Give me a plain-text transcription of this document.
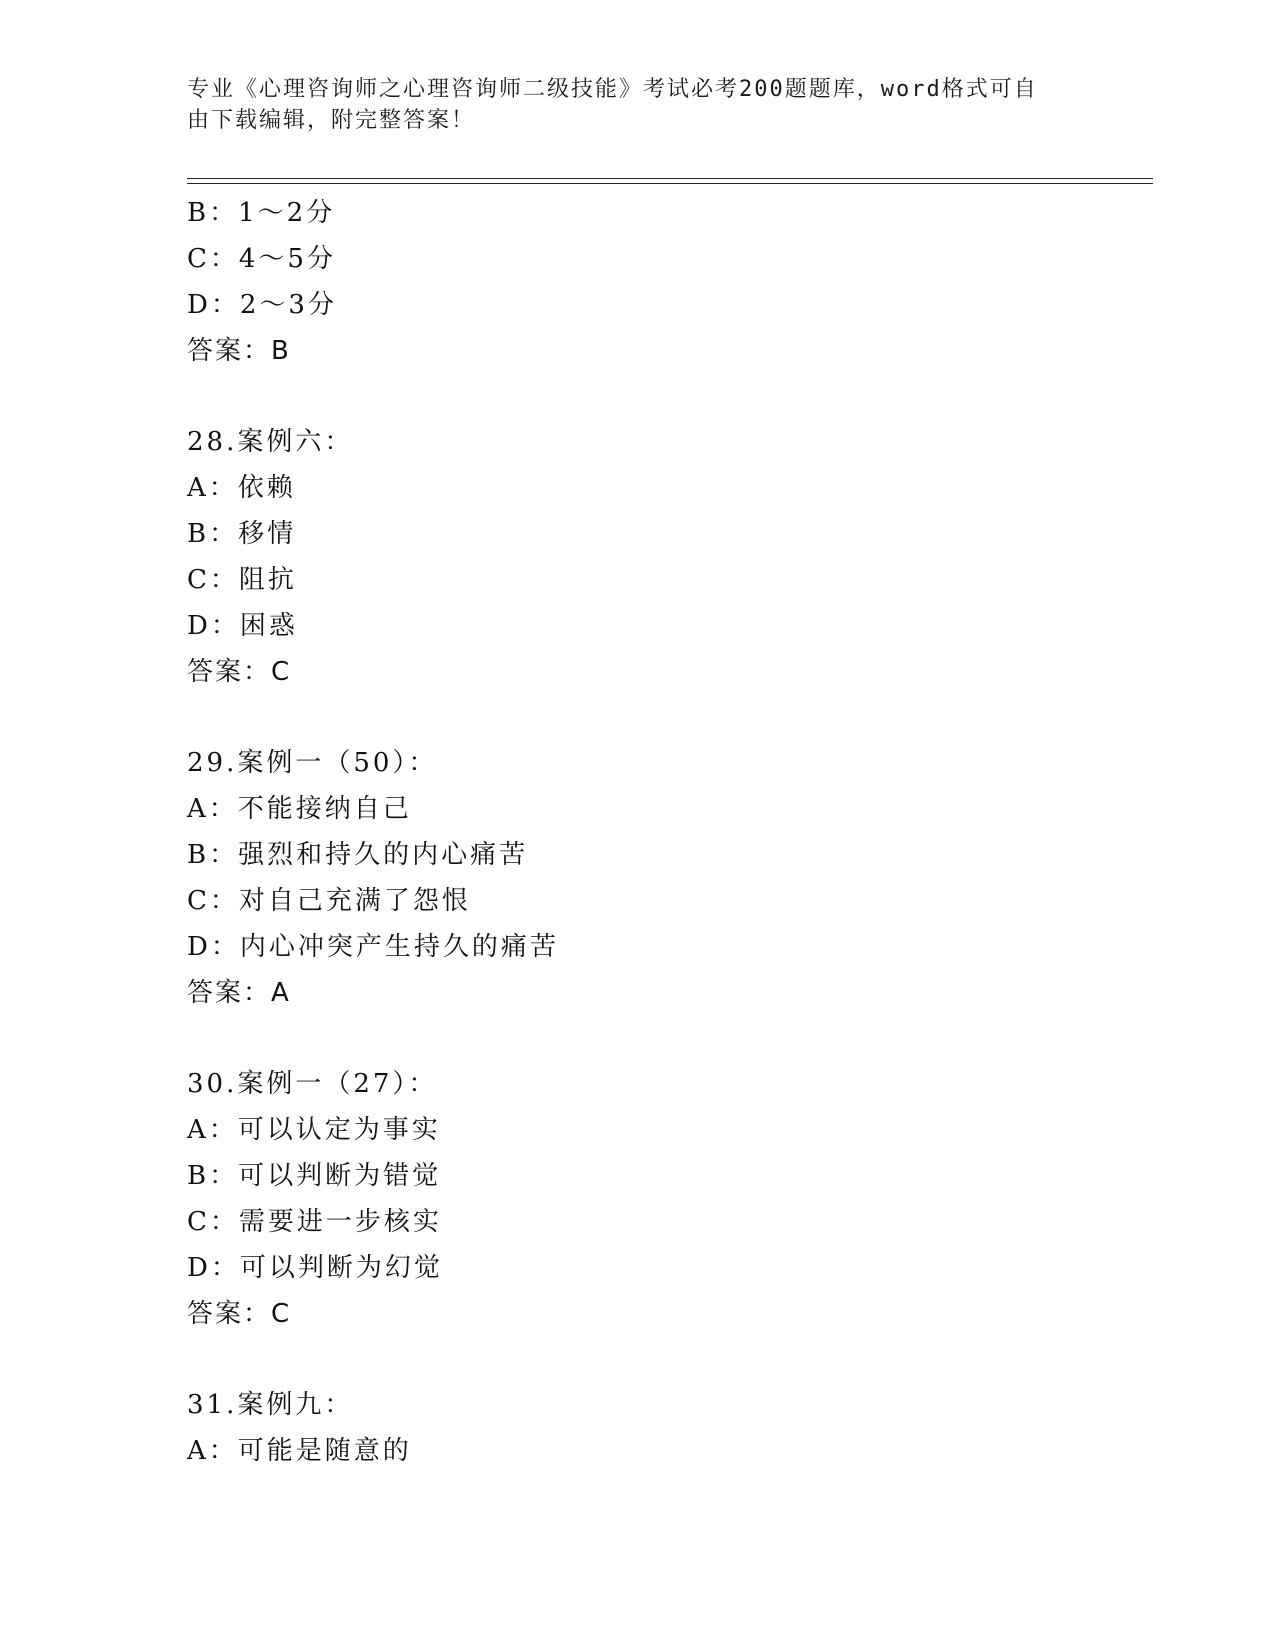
专业《心理咨询师之心理咨询师二级技能》考试必考200题题库，word格式可自
由下载编辑，附完整答案！
B：1～2分
C：4～5分
D：2～3分
答案：B
28.案例六：
A：依赖
B：移情
C：阻抗
D：困惑
答案：C
29.案例一（50）：
A：不能接纳自己
B：强烈和持久的内心痛苦
C：对自己充满了怨恨
D：内心冲突产生持久的痛苦
答案：A
30.案例一（27）：
A：可以认定为事实
B：可以判断为错觉
C：需要进一步核实
D：可以判断为幻觉
答案：C
31.案例九：
A：可能是随意的
